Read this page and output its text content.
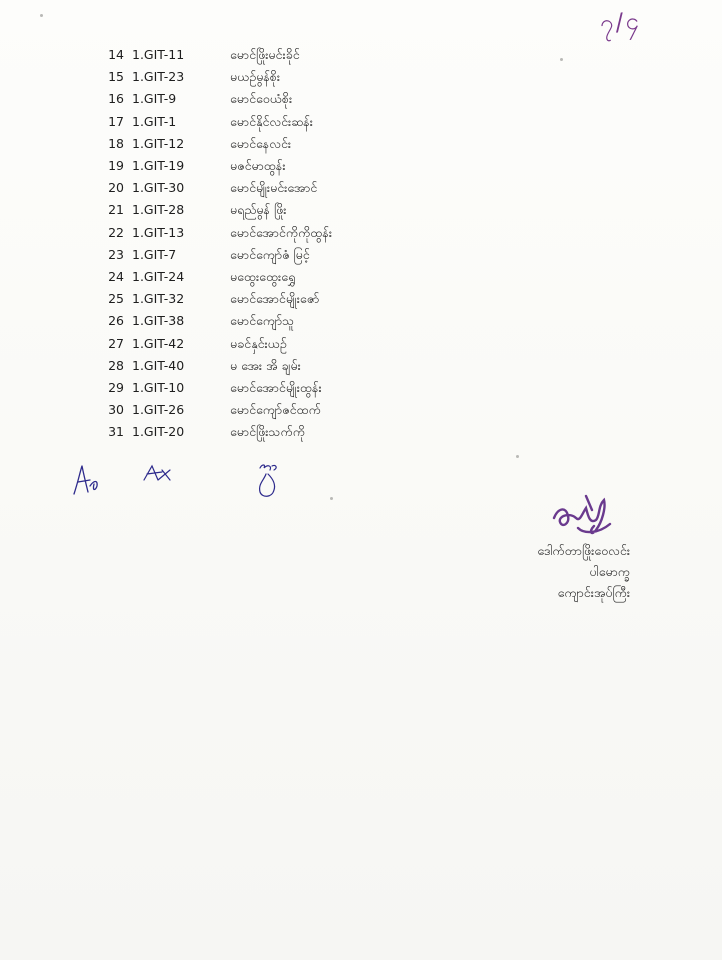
၇/၄
14 1.GIT-11	မောင်ဖြိုးမင်းခိုင်
15 1.GIT-23	မယဥ်မွန်စိုး
16 1.GIT-9	မောင်ဝေယံစိုး
17 1.GIT-1	မောင်နိုင်လင်းဆန်း
18 1.GIT-12	မောင်နေလင်း
19 1.GIT-19	မဇင်မာထွန်း
20 1.GIT-30	မောင်မျိုးမင်းအောင်
21 1.GIT-28	မရည်မွန် ဖြိုး
22 1.GIT-13	မောင်အောင်ကိုကိုထွန်း
23 1.GIT-7	မောင်ကျော်ဇံ မြင့်
24 1.GIT-24	မထွေးထွေးရွှေ
25 1.GIT-32	မောင်အောင်မျိုးဇော်
26 1.GIT-38	မောင်ကျော်သူ
27 1.GIT-42	မခင်နှင်းယဥ်
28 1.GIT-40	မ အေး အိ ချမ်း
29 1.GIT-10	မောင်အောင်မျိုးထွန်း
30 1.GIT-26	မောင်ကျော်ဇင်ထက်
31 1.GIT-20	မောင်ဖြိုးသက်ကို
ဒေါက်တာဖြိုးဝေလင်း
ပါမောက္ခ
ကျောင်းအုပ်ကြီး
